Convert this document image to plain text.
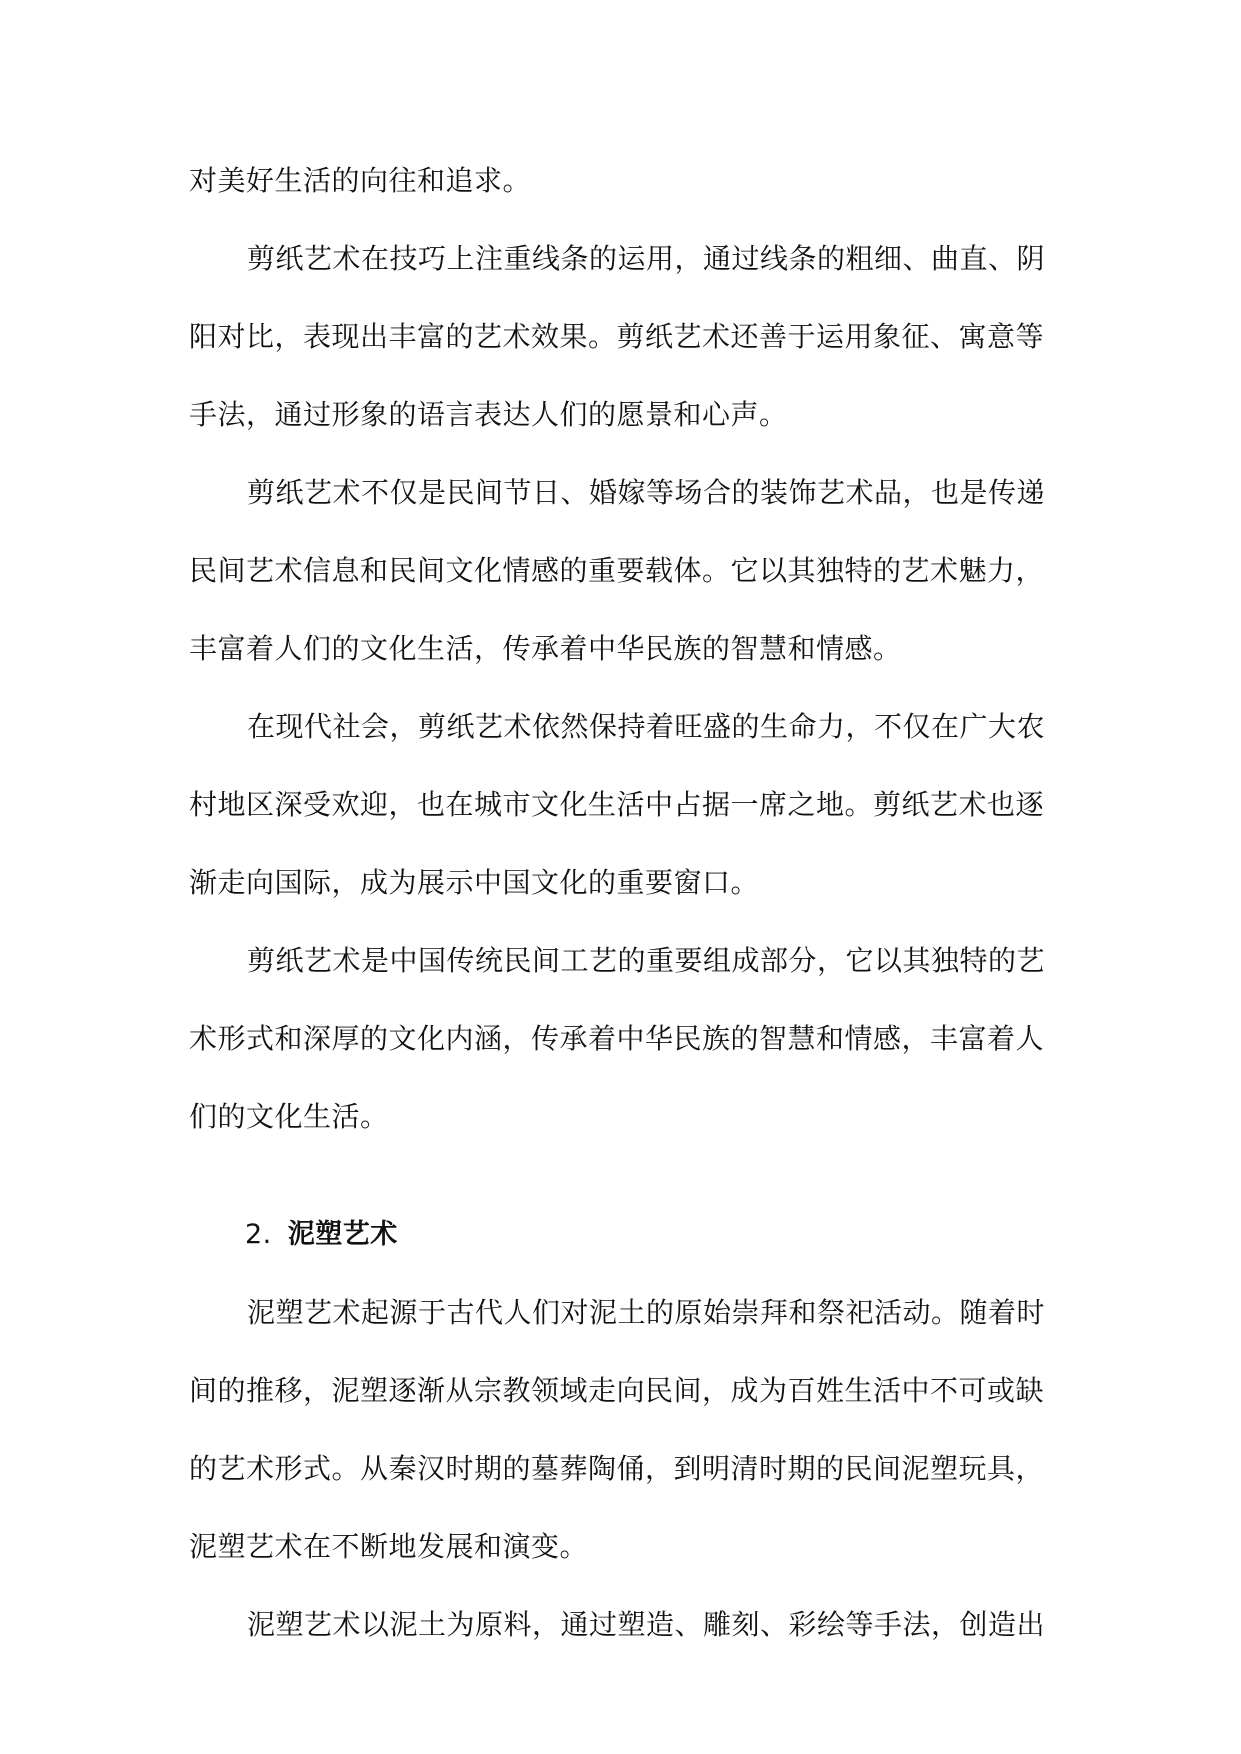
对美好生活的向往和追求。

剪纸艺术在技巧上注重线条的运用，通过线条的粗细、曲直、阴
阳对比，表现出丰富的艺术效果。剪纸艺术还善于运用象征、寓意等
手法，通过形象的语言表达人们的愿景和心声。

剪纸艺术不仅是民间节日、婚嫁等场合的装饰艺术品，也是传递
民间艺术信息和民间文化情感的重要载体。它以其独特的艺术魅力，
丰富着人们的文化生活，传承着中华民族的智慧和情感。

在现代社会，剪纸艺术依然保持着旺盛的生命力，不仅在广大农
村地区深受欢迎，也在城市文化生活中占据一席之地。剪纸艺术也逐
渐走向国际，成为展示中国文化的重要窗口。

剪纸艺术是中国传统民间工艺的重要组成部分，它以其独特的艺
术形式和深厚的文化内涵，传承着中华民族的智慧和情感，丰富着人
们的文化生活。

2. 泥塑艺术

泥塑艺术起源于古代人们对泥土的原始崇拜和祭祀活动。随着时
间的推移，泥塑逐渐从宗教领域走向民间，成为百姓生活中不可或缺
的艺术形式。从秦汉时期的墓葬陶俑，到明清时期的民间泥塑玩具，
泥塑艺术在不断地发展和演变。

泥塑艺术以泥土为原料，通过塑造、雕刻、彩绘等手法，创造出
